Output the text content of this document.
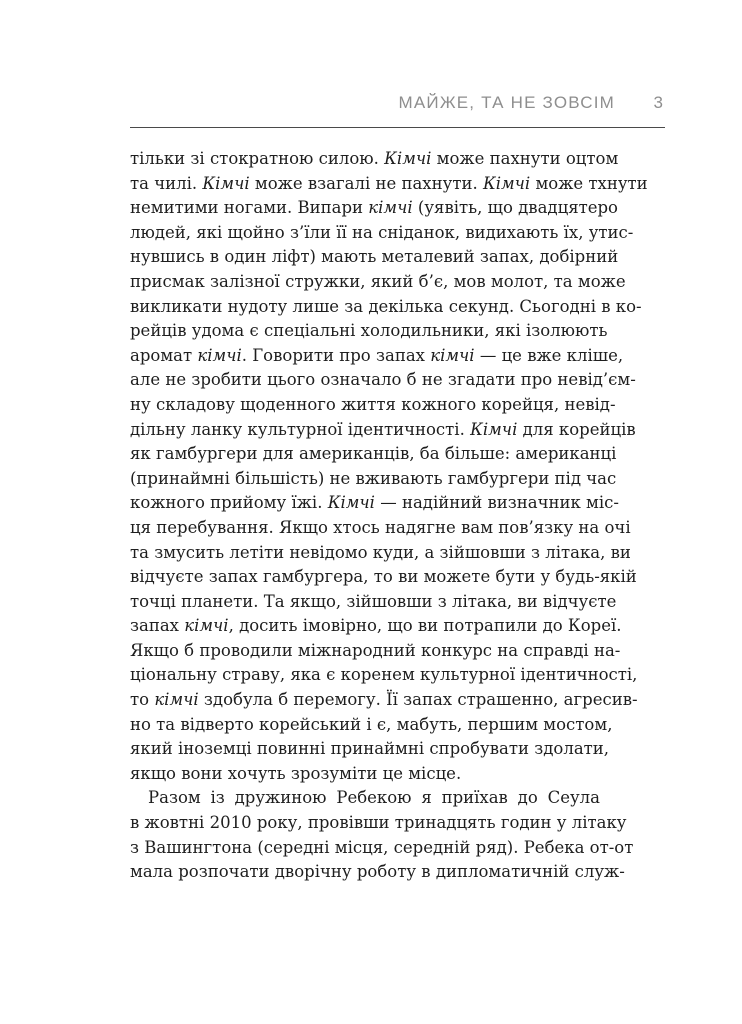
МАЙЖЕ, ТА НЕ ЗОВСІМ 3
тільки зі стократною силою. Кімчі може пахнути оцтом
та чилі. Кімчі може взагалі не пахнути. Кімчі може тхнути
немитими ногами. Випари кімчі (уявіть, що двадцятеро
людей, які щойно з’їли її на сніданок, видихають їх, утис-
нувшись в один ліфт) мають металевий запах, добірний
присмак залізної стружки, який б’є, мов молот, та може
викликати нудоту лише за декілька секунд. Сьогодні в ко-
рейців удома є спеціальні холодильники, які ізолюють
аромат кімчі. Говорити про запах кімчі — це вже кліше,
але не зробити цього означало б не згадати про невід’єм-
ну складову щоденного життя кожного корейця, невід-
дільну ланку культурної ідентичності. Кімчі для корейців
як гамбургери для американців, ба більше: американці
(принаймні більшість) не вживають гамбургери під час
кожного прийому їжі. Кімчі — надійний визначник міс-
ця перебування. Якщо хтось надягне вам пов’язку на очі
та змусить летіти невідомо куди, а зійшовши з літака, ви
відчуєте запах гамбургера, то ви можете бути у будь-якій
точці планети. Та якщо, зійшовши з літака, ви відчуєте
запах кімчі, досить імовірно, що ви потрапили до Кореї.
Якщо б проводили міжнародний конкурс на справді на-
ціональну страву, яка є коренем культурної ідентичності,
то кімчі здобула б перемогу. Її запах страшенно, агресив-
но та відверто корейський і є, мабуть, першим мостом,
який іноземці повинні принаймні спробувати здолати,
якщо вони хочуть зрозуміти це місце.
Разом із дружиною Ребекою я приїхав до Сеула
в жовтні 2010 року, провівши тринадцять годин у літаку
з Вашингтона (середні місця, середній ряд). Ребека от-от
мала розпочати дворічну роботу в дипломатичній служ-
